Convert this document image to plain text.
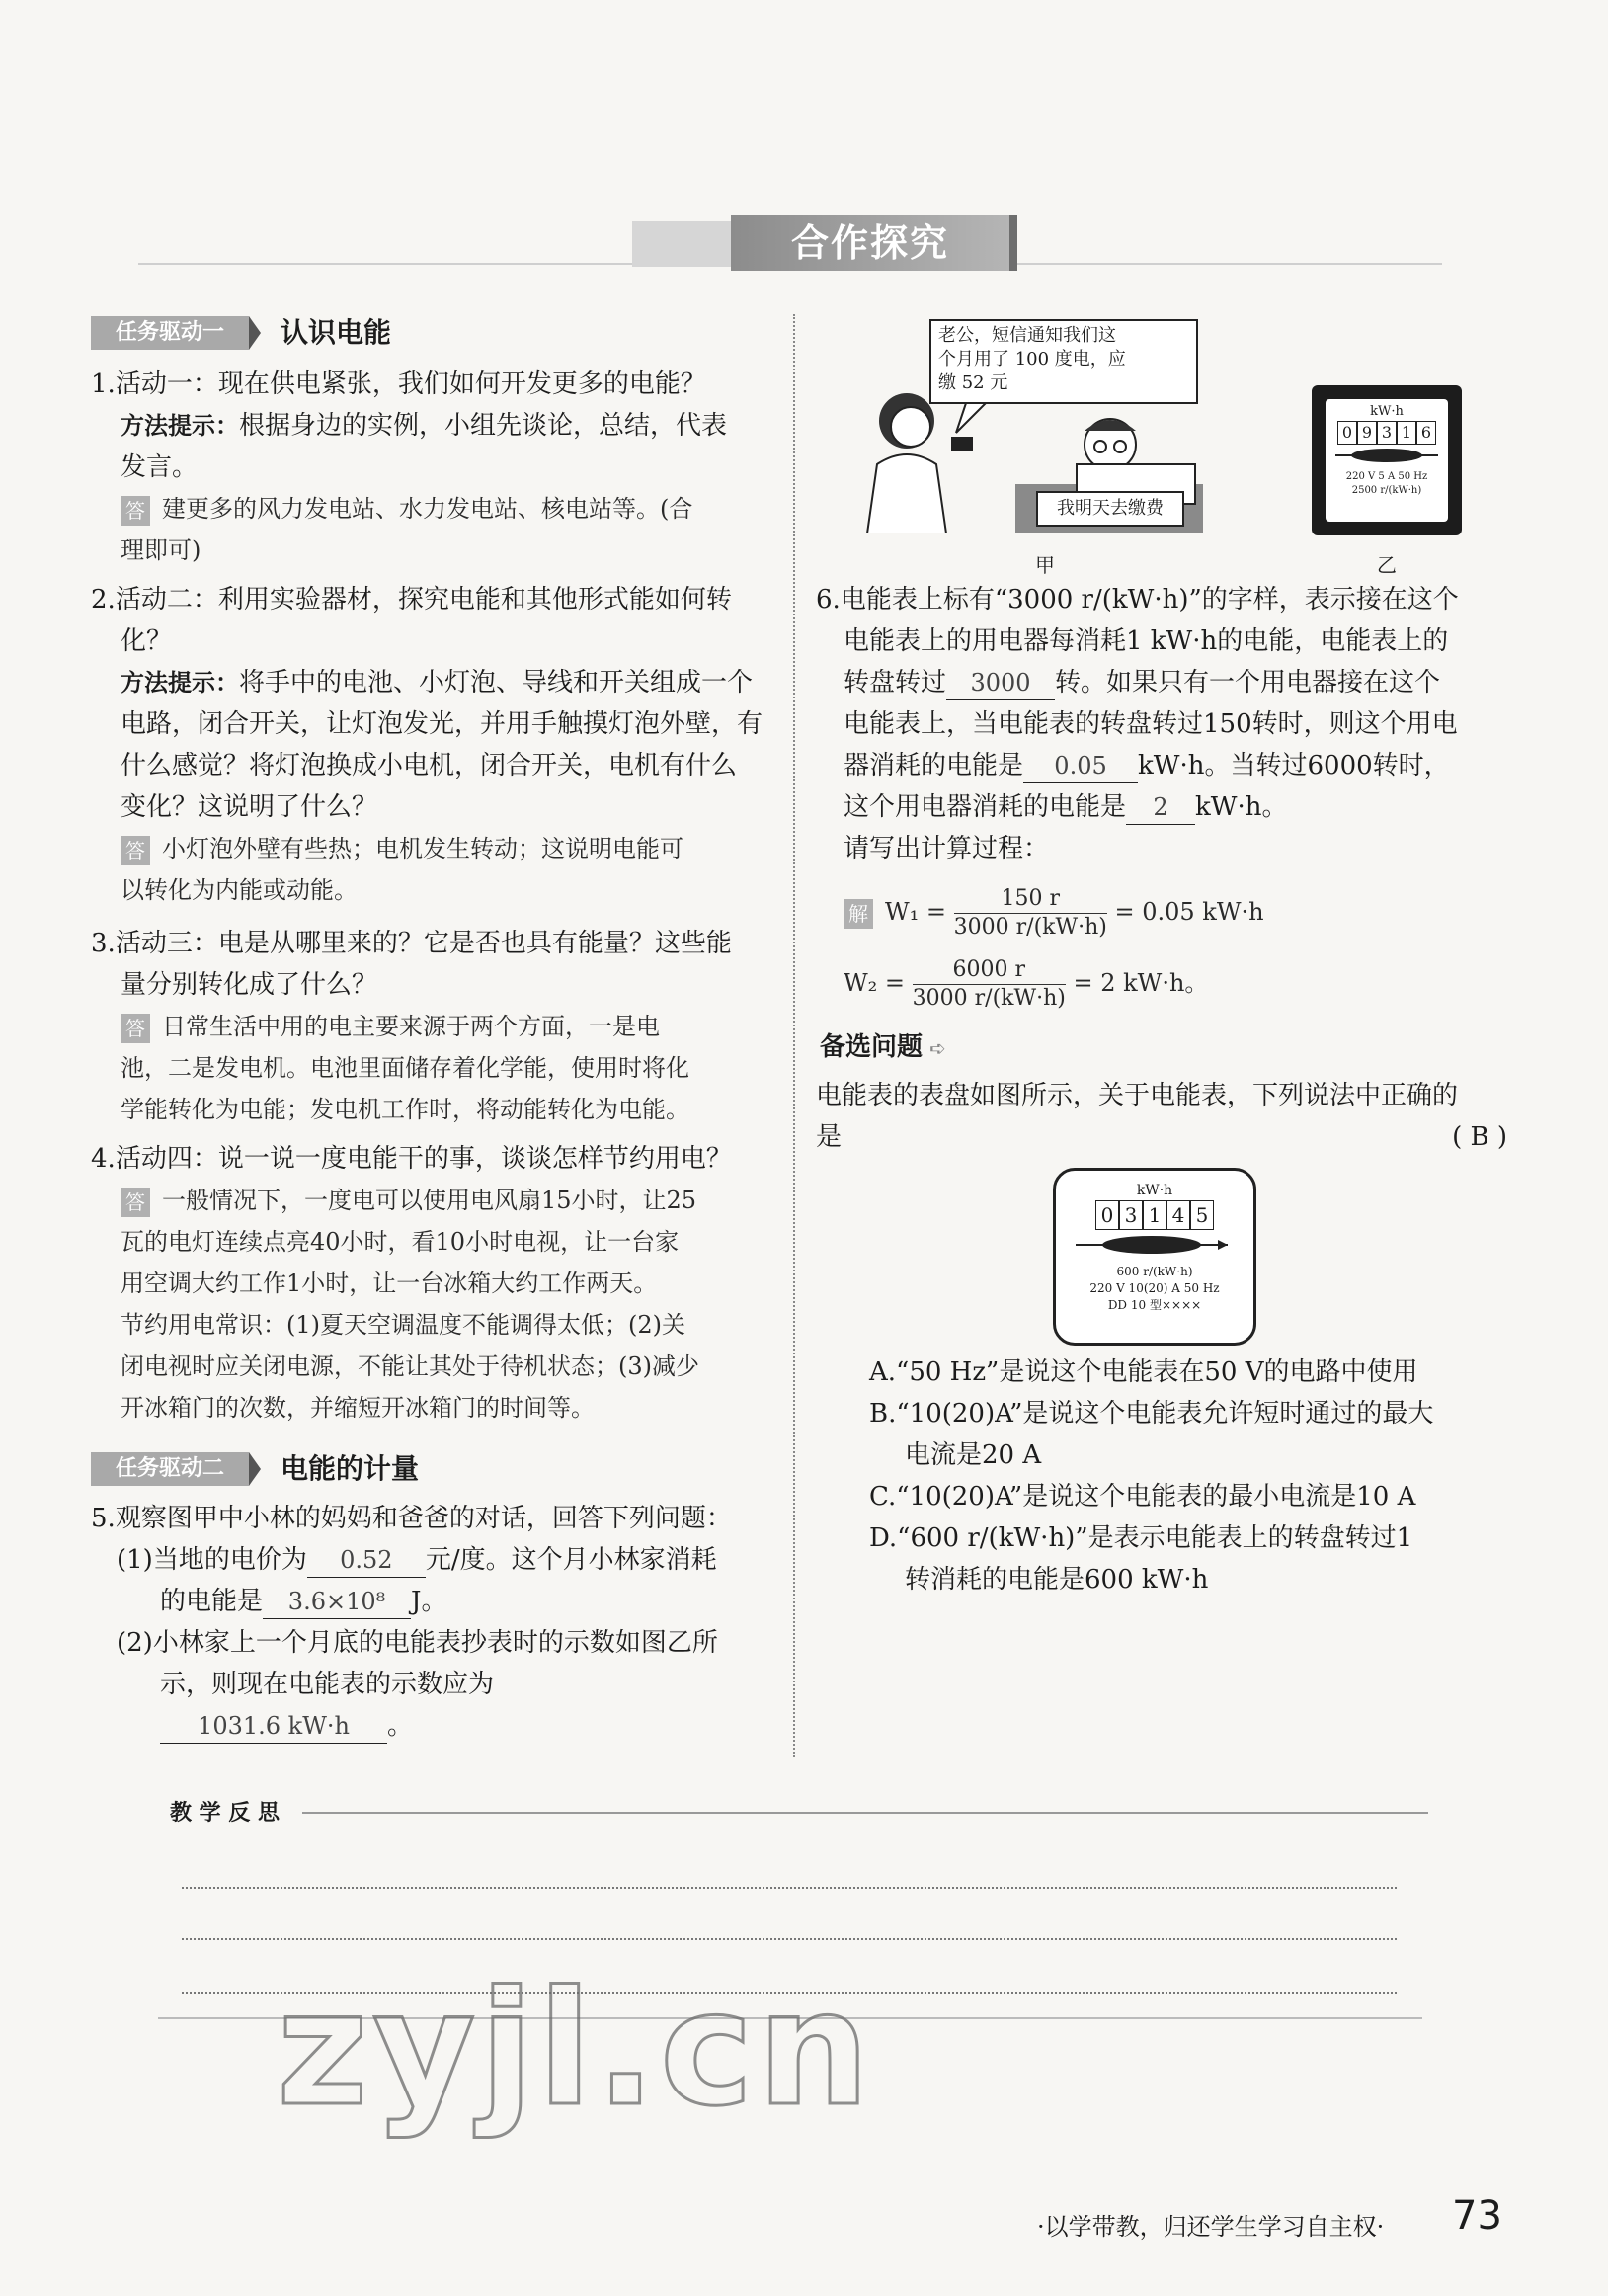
合作探究
任务驱动一	认识电能
1.活动一：现在供电紧张，我们如何开发更多的电能？
方法提示：根据身边的实例，小组先谈论，总结，代表
发言。
答 建更多的风力发电站、水力发电站、核电站等。(合
理即可)
2.活动二：利用实验器材，探究电能和其他形式能如何转
化？
方法提示：将手中的电池、小灯泡、导线和开关组成一个
电路，闭合开关，让灯泡发光，并用手触摸灯泡外壁，有
什么感觉？将灯泡换成小电机，闭合开关，电机有什么
变化？这说明了什么？
答 小灯泡外壁有些热；电机发生转动；这说明电能可
以转化为内能或动能。
3.活动三：电是从哪里来的？它是否也具有能量？这些能
量分别转化成了什么？
答 日常生活中用的电主要来源于两个方面，一是电
池，二是发电机。电池里面储存着化学能，使用时将化
学能转化为电能；发电机工作时，将动能转化为电能。
4.活动四：说一说一度电能干的事，谈谈怎样节约用电？
答 一般情况下，一度电可以使用电风扇15小时，让25
瓦的电灯连续点亮40小时，看10小时电视，让一台家
用空调大约工作1小时，让一台冰箱大约工作两天。
节约用电常识：(1)夏天空调温度不能调得太低；(2)关
闭电视时应关闭电源，不能让其处于待机状态；(3)减少
开冰箱门的次数，并缩短开冰箱门的时间等。
任务驱动二	电能的计量
5.观察图甲中小林的妈妈和爸爸的对话，回答下列问题：
(1)当地的电价为 0.52 元/度。这个月小林家消耗
的电能是 3.6×10⁸ J。
(2)小林家上一个月底的电能表抄表时的示数如图乙所
示，则现在电能表的示数应为
1031.6 kW·h 。
老公，短信通知我们这
个月用了 100 度电，应
缴 52 元
我明天去缴费
甲
kW·h
0 9 3 1 6
220 V 5 A 50 Hz
2500 r/(kW·h)
乙
6.电能表上标有“3000 r/(kW·h)”的字样，表示接在这个
电能表上的用电器每消耗1 kW·h的电能，电能表上的
转盘转过 3000 转。如果只有一个用电器接在这个
电能表上，当电能表的转盘转过150转时，则这个用电
器消耗的电能是 0.05 kW·h。当转过6000转时，
这个用电器消耗的电能是 2 kW·h。
请写出计算过程：
解 $W_1 = \frac{150 r}{3000 r/(kW\cdot h)} = 0.05$ kW·h
$W_2 = \frac{6000 r}{3000 r/(kW\cdot h)} = 2$ kW·h。
备选问题 ➪
电能表的表盘如图所示，关于电能表，下列说法中正确的
是	( B )
kW·h
0 3 1 4 5
600 r/(kW·h)
220 V 10(20) A 50 Hz
DD 10 型××××
A.“50 Hz”是说这个电能表在50 V的电路中使用
B.“10(20)A”是说这个电能表允许短时通过的最大
电流是20 A
C.“10(20)A”是说这个电能表的最小电流是10 A
D.“600 r/(kW·h)”是表示电能表上的转盘转过1
转消耗的电能是600 kW·h
教 学 反 思
zyjl.cn
·以学带教，归还学生学习自主权· 73
